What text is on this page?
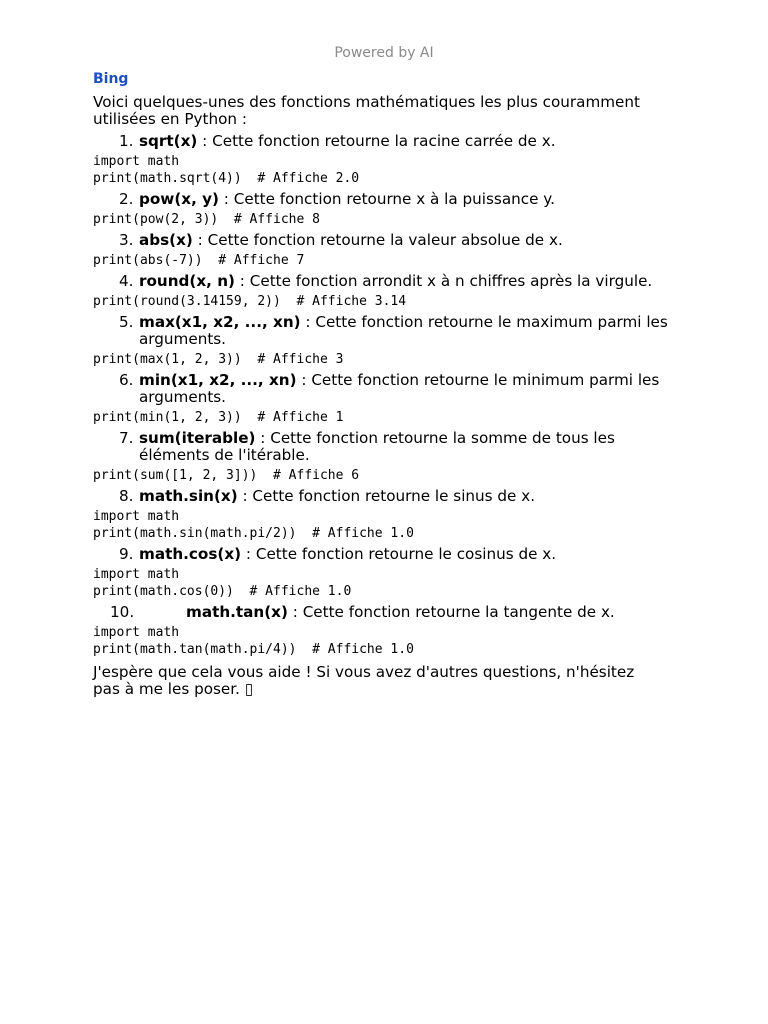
Powered by AI
Bing
Voici quelques-unes des fonctions mathématiques les plus couramment utilisées en Python :
1. sqrt(x) : Cette fonction retourne la racine carrée de x.
import math
print(math.sqrt(4))  # Affiche 2.0
2. pow(x, y) : Cette fonction retourne x à la puissance y.
print(pow(2, 3))  # Affiche 8
3. abs(x) : Cette fonction retourne la valeur absolue de x.
print(abs(-7))  # Affiche 7
4. round(x, n) : Cette fonction arrondit x à n chiffres après la virgule.
print(round(3.14159, 2))  # Affiche 3.14
5. max(x1, x2, ..., xn) : Cette fonction retourne le maximum parmi les arguments.
print(max(1, 2, 3))  # Affiche 3
6. min(x1, x2, ..., xn) : Cette fonction retourne le minimum parmi les arguments.
print(min(1, 2, 3))  # Affiche 1
7. sum(iterable) : Cette fonction retourne la somme de tous les éléments de l'itérable.
print(sum([1, 2, 3]))  # Affiche 6
8. math.sin(x) : Cette fonction retourne le sinus de x.
import math
print(math.sin(math.pi/2))  # Affiche 1.0
9. math.cos(x) : Cette fonction retourne le cosinus de x.
import math
print(math.cos(0))  # Affiche 1.0
10.	math.tan(x) : Cette fonction retourne la tangente de x.
import math
print(math.tan(math.pi/4))  # Affiche 1.0
J'espère que cela vous aide ! Si vous avez d'autres questions, n'hésitez pas à me les poser. ▯
